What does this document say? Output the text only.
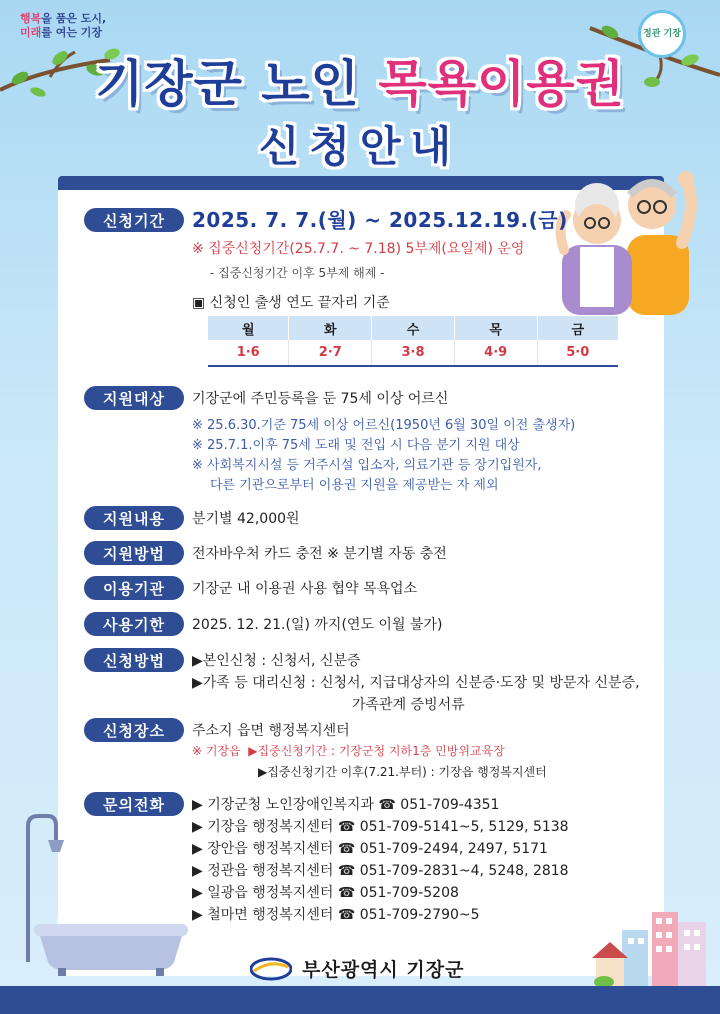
행복을 품은 도시,
미래를 여는 기장	정관 기장
기장군 노인 목욕이용권
신청안내
신청기간	2025. 7. 7.(월) ~ 2025.12.19.(금)
※ 집중신청기간(25.7.7. ~ 7.18) 5부제(요일제) 운영
- 집중신청기간 이후 5부제 해제 -
▣ 신청인 출생 연도 끝자리 기준
월	화	수	목	금
1·6	2·7	3·8	4·9	5·0
지원대상	기장군에 주민등록을 둔 75세 이상 어르신
※ 25.6.30.기준 75세 이상 어르신(1950년 6월 30일 이전 출생자)
※ 25.7.1.이후 75세 도래 및 전입 시 다음 분기 지원 대상
※ 사회복지시설 등 거주시설 입소자, 의료기관 등 장기입원자,
다른 기관으로부터 이용권 지원을 제공받는 자 제외
지원내용	분기별 42,000원
지원방법	전자바우처 카드 충전 ※ 분기별 자동 충전
이용기관	기장군 내 이용권 사용 협약 목욕업소
사용기한	2025. 12. 21.(일) 까지(연도 이월 불가)
신청방법	▶본인신청 : 신청서, 신분증
▶가족 등 대리신청 : 신청서, 지급대상자의 신분증·도장 및 방문자 신분증,
가족관계 증빙서류
신청장소	주소지 읍면 행정복지센터
※ 기장읍 ▶집중신청기간 : 기장군청 지하1층 민방위교육장
▶집중신청기간 이후(7.21.부터) : 기장읍 행정복지센터
문의전화	▶ 기장군청 노인장애인복지과 ☎ 051-709-4351
▶ 기장읍 행정복지센터 ☎ 051-709-5141~5, 5129, 5138
▶ 장안읍 행정복지센터 ☎ 051-709-2494, 2497, 5171
▶ 정관읍 행정복지센터 ☎ 051-709-2831~4, 5248, 2818
▶ 일광읍 행정복지센터 ☎ 051-709-5208
▶ 철마면 행정복지센터 ☎ 051-709-2790~5
부산광역시 기장군
